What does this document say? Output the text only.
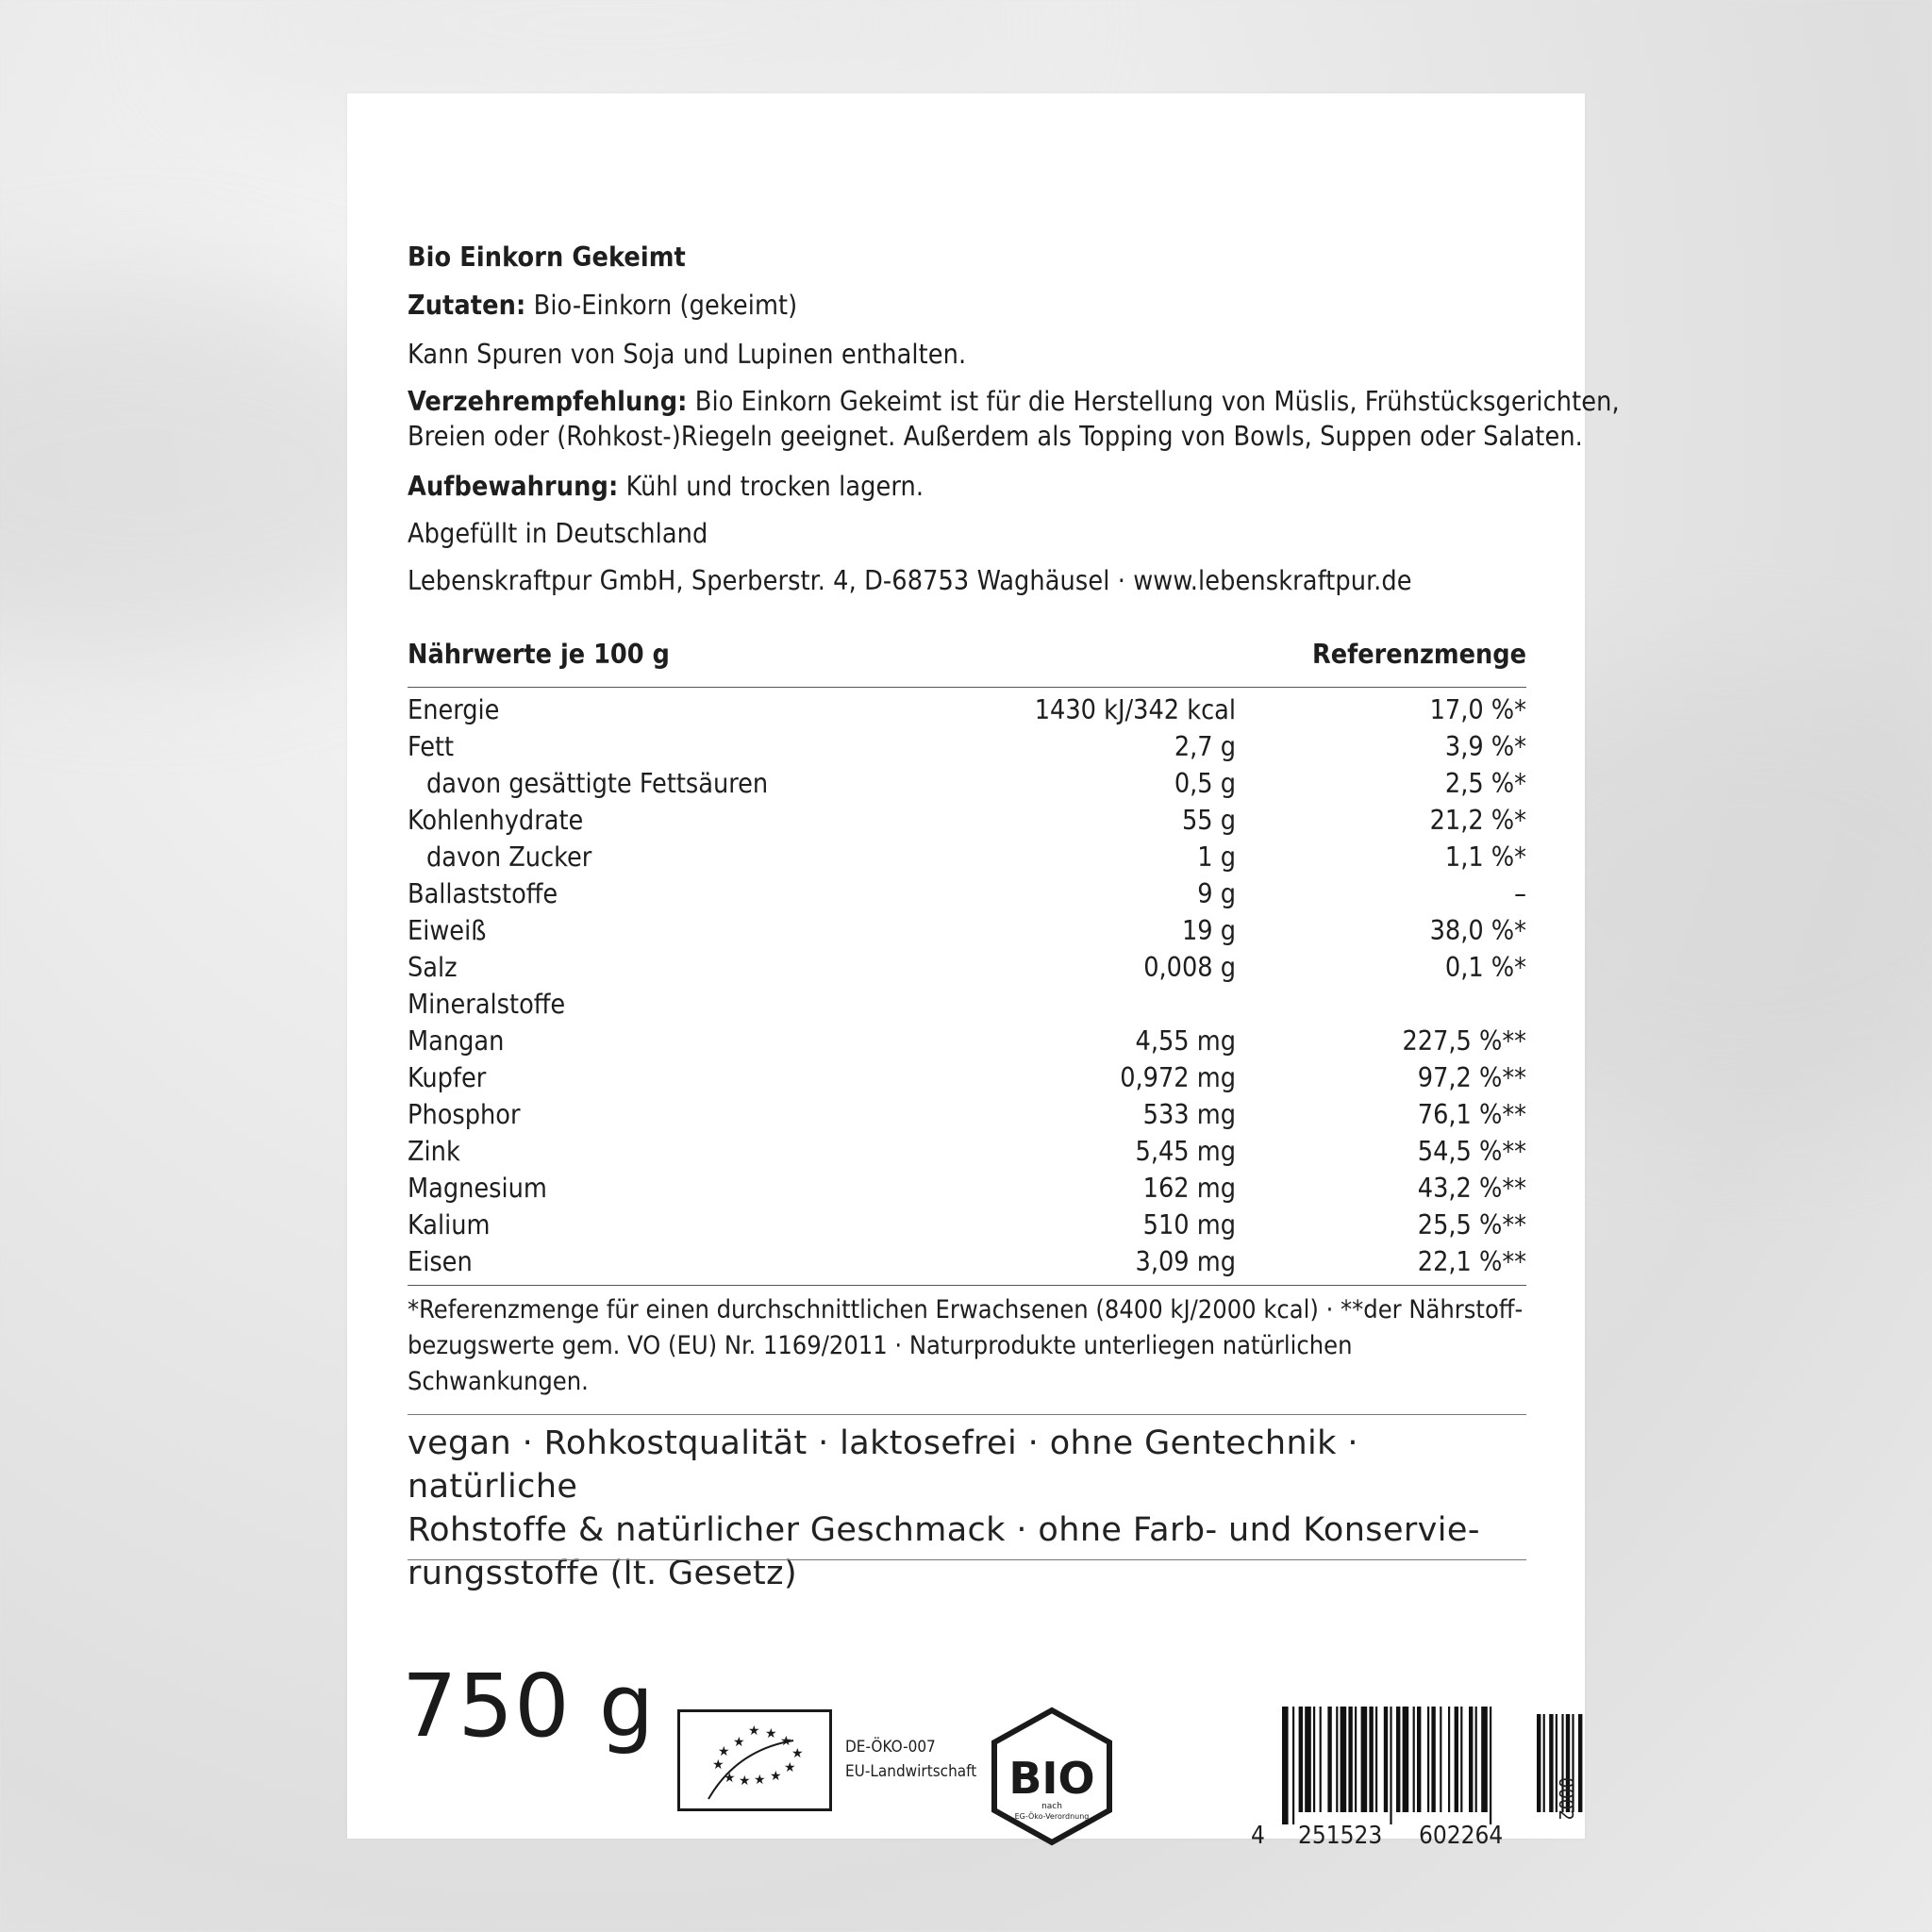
Bio Einkorn Gekeimt
Zutaten: Bio-Einkorn (gekeimt)
Kann Spuren von Soja und Lupinen enthalten.
Verzehrempfehlung: Bio Einkorn Gekeimt ist für die Herstellung von Müslis, Frühstücksgerichten,
Breien oder (Rohkost-)Riegeln geeignet. Außerdem als Topping von Bowls, Suppen oder Salaten.
Aufbewahrung: Kühl und trocken lagern.
Abgefüllt in Deutschland
Lebenskraftpur GmbH, Sperberstr. 4, D-68753 Waghäusel · www.lebenskraftpur.de
Nährwerte je 100 g	Referenzmenge
Energie	1430 kJ/342 kcal	17,0 %*
Fett	2,7 g	3,9 %*
davon gesättigte Fettsäuren	0,5 g	2,5 %*
Kohlenhydrate	55 g	21,2 %*
davon Zucker	1 g	1,1 %*
Ballaststoffe	9 g	–
Eiweiß	19 g	38,0 %*
Salz	0,008 g	0,1 %*
Mineralstoffe
Mangan	4,55 mg	227,5 %**
Kupfer	0,972 mg	97,2 %**
Phosphor	533 mg	76,1 %**
Zink	5,45 mg	54,5 %**
Magnesium	162 mg	43,2 %**
Kalium	510 mg	25,5 %**
Eisen	3,09 mg	22,1 %**
*Referenzmenge für einen durchschnittlichen Erwachsenen (8400 kJ/2000 kcal) · **der Nährstoff-
bezugswerte gem. VO (EU) Nr. 1169/2011 · Naturprodukte unterliegen natürlichen Schwankungen.
vegan · Rohkostqualität · laktosefrei · ohne Gentechnik · natürliche
Rohstoffe & natürlicher Geschmack · ohne Farb- und Konservie-
rungsstoffe (lt. Gesetz)
750 g	★ ★ ★
★
★
★
★
★
★
★
★
★
DE-ÖKO-007
EU-Landwirtschaft BIO
nach
EG-Öko-Verordnung
4 251523 602264
0002
